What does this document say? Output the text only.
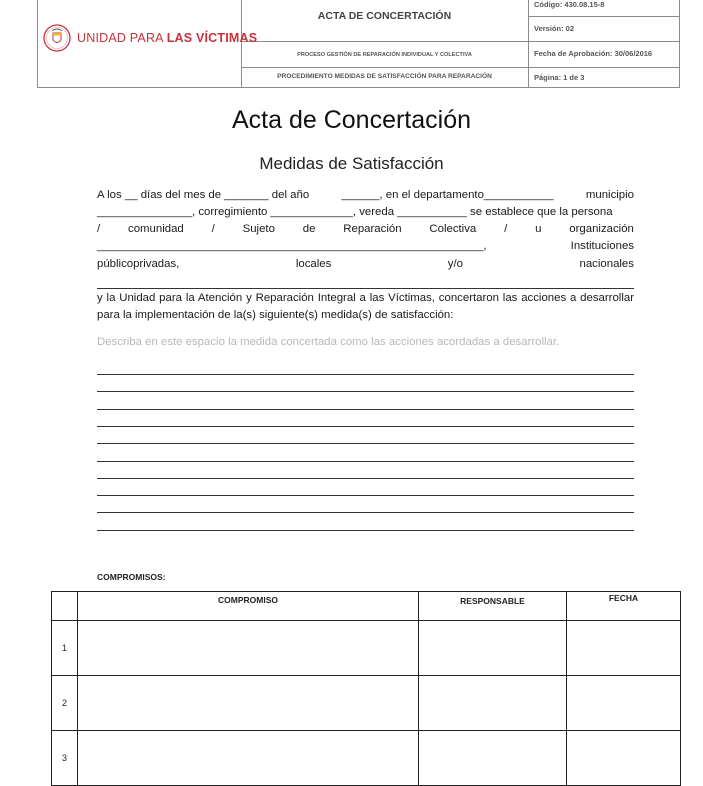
UNIDAD PARA LAS VÍCTIMAS
ACTA DE CONCERTACIÓN
PROCESO GESTIÓN DE REPARACIÓN INDIVIDUAL Y COLECTIVA
PROCEDIMIENTO MEDIDAS DE SATISFACCIÓN PARA REPARACIÓN
Código: 430.08.15-8
Versión: 02
Fecha de Aprobación: 30/06/2016
Página: 1 de 3
Acta de Concertación
Medidas de Satisfacción
A los __ días del mes de _______ del año	______, en el departamento___________	municipio
_______________, corregimiento _____________, vereda ___________ se establece que la persona
/ comunidad / Sujeto de Reparación Colectiva / u organización
_____________________________________________________________,	Instituciones
públicoprivadas,	locales	y/o	nacionales
y la Unidad para la Atención y Reparación Integral a las Víctimas, concertaron las acciones a desarrollar para la implementación de la(s) siguiente(s) medida(s) de satisfacción:
Describa en este espacio la medida concertada como las acciones acordadas a desarrollar.
COMPROMISOS:
	COMPROMISO	RESPONSABLE	FECHA
1			
2			
3			
